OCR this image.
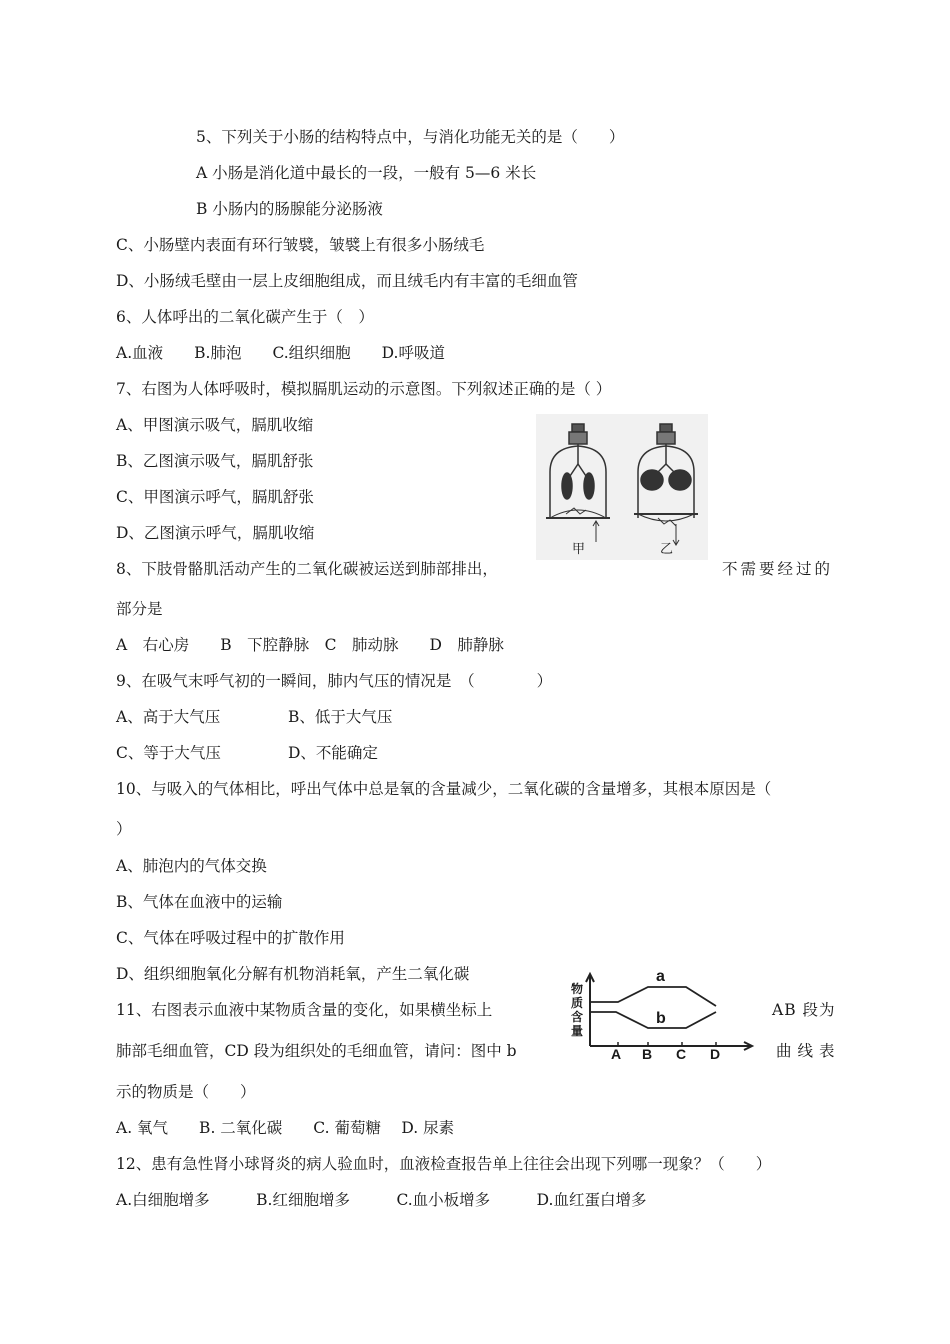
5、下列关于小肠的结构特点中，与消化功能无关的是（　　）
A 小肠是消化道中最长的一段，一般有 5—6 米长
B 小肠内的肠腺能分泌肠液
C、小肠壁内表面有环行皱襞，皱襞上有很多小肠绒毛
D、小肠绒毛壁由一层上皮细胞组成，而且绒毛内有丰富的毛细血管
6、人体呼出的二氧化碳产生于（　）
A.血液　　B.肺泡　　C.组织细胞　　D.呼吸道
7、右图为人体呼吸时，模拟膈肌运动的示意图。下列叙述正确的是（ ）
A、甲图演示吸气，膈肌收缩
B、乙图演示吸气，膈肌舒张
C、甲图演示呼气，膈肌舒张
D、乙图演示呼气，膈肌收缩
甲	乙
8、下肢骨骼肌活动产生的二氧化碳被运送到肺部排出，	不需要经过的
部分是
A　右心房　　B　下腔静脉　C　肺动脉　　D　肺静脉
9、在吸气末呼气初的一瞬间，肺内气压的情况是　（　　　　）
A、高于大气压	B、低于大气压
C、等于大气压	D、不能确定
10、与吸入的气体相比，呼出气体中总是氧的含量减少，二氧化碳的含量增多，其根本原因是（
）
A、肺泡内的气体交换
B、气体在血液中的运输
C、气体在呼吸过程中的扩散作用
D、组织细胞氧化分解有机物消耗氧，产生二氧化碳
11、右图表示血液中某物质含量的变化，如果横坐标上	AB 段为
肺部毛细血管，CD 段为组织处的毛细血管，请问：图中 b	曲线表
示的物质是（　　）
A. 氧气　　B. 二氧化碳　　C. 葡萄糖　 D. 尿素
物
质
含
量
a
b
A B C D
12、患有急性肾小球肾炎的病人验血时，血液检查报告单上往往会出现下列哪一现象？（　　）
A.白细胞增多　　　B.红细胞增多　　　C.血小板增多　　　D.血红蛋白增多
